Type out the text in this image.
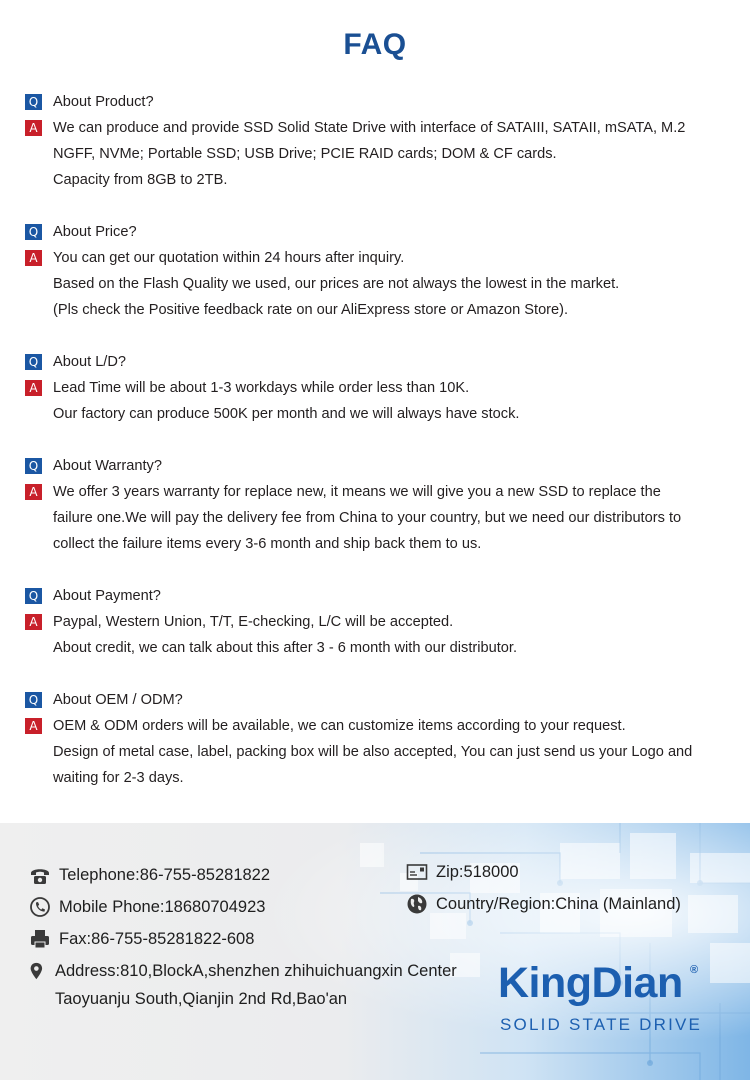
FAQ
Q About Product?
A	We can produce and provide SSD Solid State Drive with interface of SATAIII, SATAII, mSATA, M.2
NGFF, NVMe; Portable SSD; USB Drive; PCIE RAID cards; DOM & CF cards.
Capacity from 8GB to 2TB.
Q About Price?
A	You can get our quotation within 24 hours after inquiry.
Based on the Flash Quality we used, our prices are not always the lowest in the market.
(Pls check the Positive feedback rate on our AliExpress store or Amazon Store).
Q About L/D?
A	Lead Time will be about 1-3 workdays while order less than 10K.
Our factory can produce 500K per month and we will always have stock.
Q About Warranty?
A	We offer 3 years warranty for replace new, it means we will give you a new SSD to replace the
failure one.We will pay the delivery fee from China to your country, but we need our distributors to
collect the failure items every 3-6 month and ship back them to us.
Q About Payment?
A	Paypal, Western Union, T/T, E-checking, L/C will be accepted.
About credit, we can talk about this after 3 - 6 month with our distributor.
Q About OEM / ODM?
A	OEM & ODM orders will be available, we can customize items according to your request.
Design of metal case, label, packing box will be also accepted, You can just send us your Logo and
waiting for 2-3 days.
Telephone:86-755-85281822
Mobile Phone:18680704923
Fax:86-755-85281822-608
Address:810,BlockA,shenzhen zhihuichuangxin Center
Taoyuanju South,Qianjin 2nd Rd,Bao'an
Zip:518000
Country/Region:China (Mainland)
KingDian ®
SOLID STATE DRIVE
